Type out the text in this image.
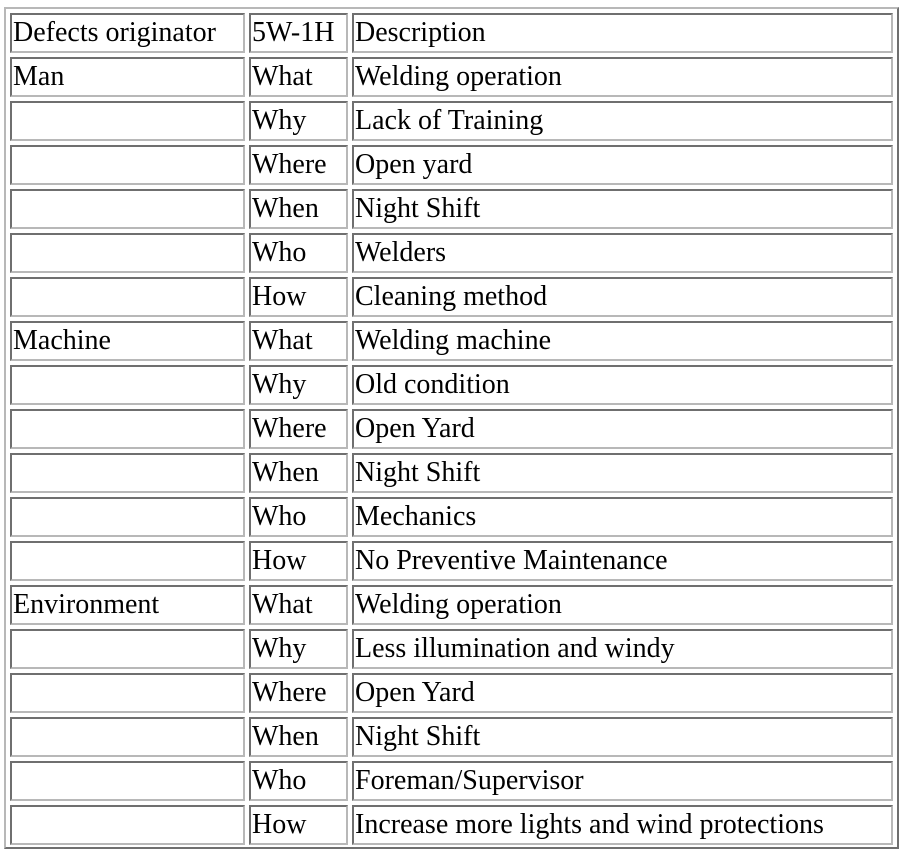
Defects originator	5W-1H	Description
Man	What	Welding operation
	Why	Lack of Training
	Where	Open yard
	When	Night Shift
	Who	Welders
	How	Cleaning method
Machine	What	Welding machine
	Why	Old condition
	Where	Open Yard
	When	Night Shift
	Who	Mechanics
	How	No Preventive Maintenance
Environment	What	Welding operation
	Why	Less illumination and windy
	Where	Open Yard
	When	Night Shift
	Who	Foreman/Supervisor
	How	Increase more lights and wind protections
